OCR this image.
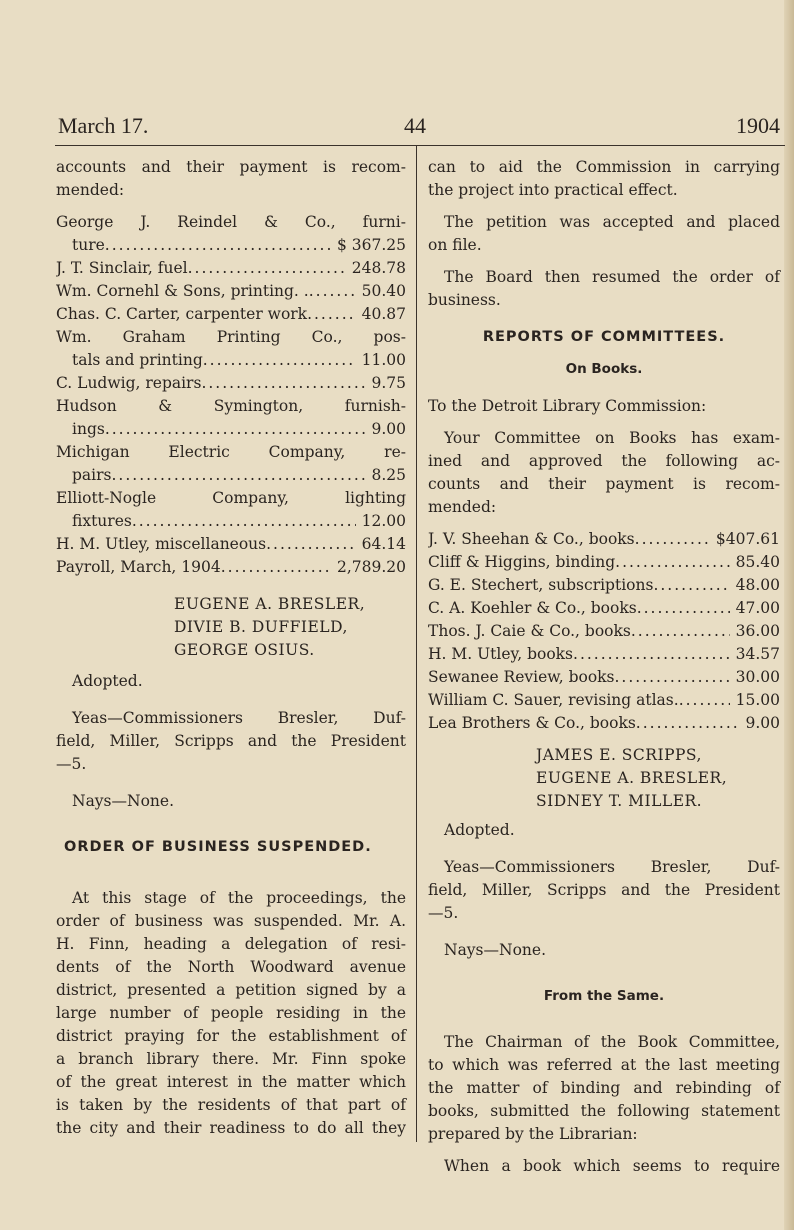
March 17.	44	1904

accounts and their payment is recom-

mended:

George J. Reindel & Co., furni-

ture .....	$ 367.25
J. T. Sinclair, fuel .....	248.78
Wm. Cornehl & Sons, printing. . .....	50.40
Chas. C. Carter, carpenter work .....	40.87

Wm. Graham Printing Co., pos-

tals and printing .....	11.00
C. Ludwig, repairs .....	9.75

Hudson & Symington, furnish-

ings .....	9.00

Michigan Electric Company, re-

pairs .....	8.25

Elliott-Nogle Company, lighting

fixtures .....	12.00
H. M. Utley, miscellaneous .....	64.14
Payroll, March, 1904 .....	2,789.20

EUGENE A. BRESLER,

DIVIE B. DUFFIELD,

GEORGE OSIUS.

Adopted.

Yeas—Commissioners Bresler, Duf-

field, Miller, Scripps and the President

—5.

Nays—None.

ORDER OF BUSINESS SUSPENDED.

At this stage of the proceedings, the

order of business was suspended. Mr. A.

H. Finn, heading a delegation of resi-

dents of the North Woodward avenue

district, presented a petition signed by a

large number of people residing in the

district praying for the establishment of

a branch library there. Mr. Finn spoke

of the great interest in the matter which

is taken by the residents of that part of

the city and their readiness to do all they

can to aid the Commission in carrying

the project into practical effect.

The petition was accepted and placed

on file.

The Board then resumed the order of

business.

REPORTS OF COMMITTEES.

On Books.

To the Detroit Library Commission:

Your Committee on Books has exam-

ined and approved the following ac-

counts and their payment is recom-

mended:

J. V. Sheehan & Co., books .....	$407.61
Cliff & Higgins, binding .....	85.40
G. E. Stechert, subscriptions .....	48.00
C. A. Koehler & Co., books .....	47.00
Thos. J. Caie & Co., books .....	36.00
H. M. Utley, books .....	34.57
Sewanee Review, books .....	30.00
William C. Sauer, revising atlas. .....	15.00
Lea Brothers & Co., books .....	9.00

JAMES E. SCRIPPS,

EUGENE A. BRESLER,

SIDNEY T. MILLER.

Adopted.

Yeas—Commissioners Bresler, Duf-

field, Miller, Scripps and the President

—5.

Nays—None.

From the Same.

The Chairman of the Book Committee,

to which was referred at the last meeting

the matter of binding and rebinding of

books, submitted the following statement

prepared by the Librarian:

When a book which seems to require
